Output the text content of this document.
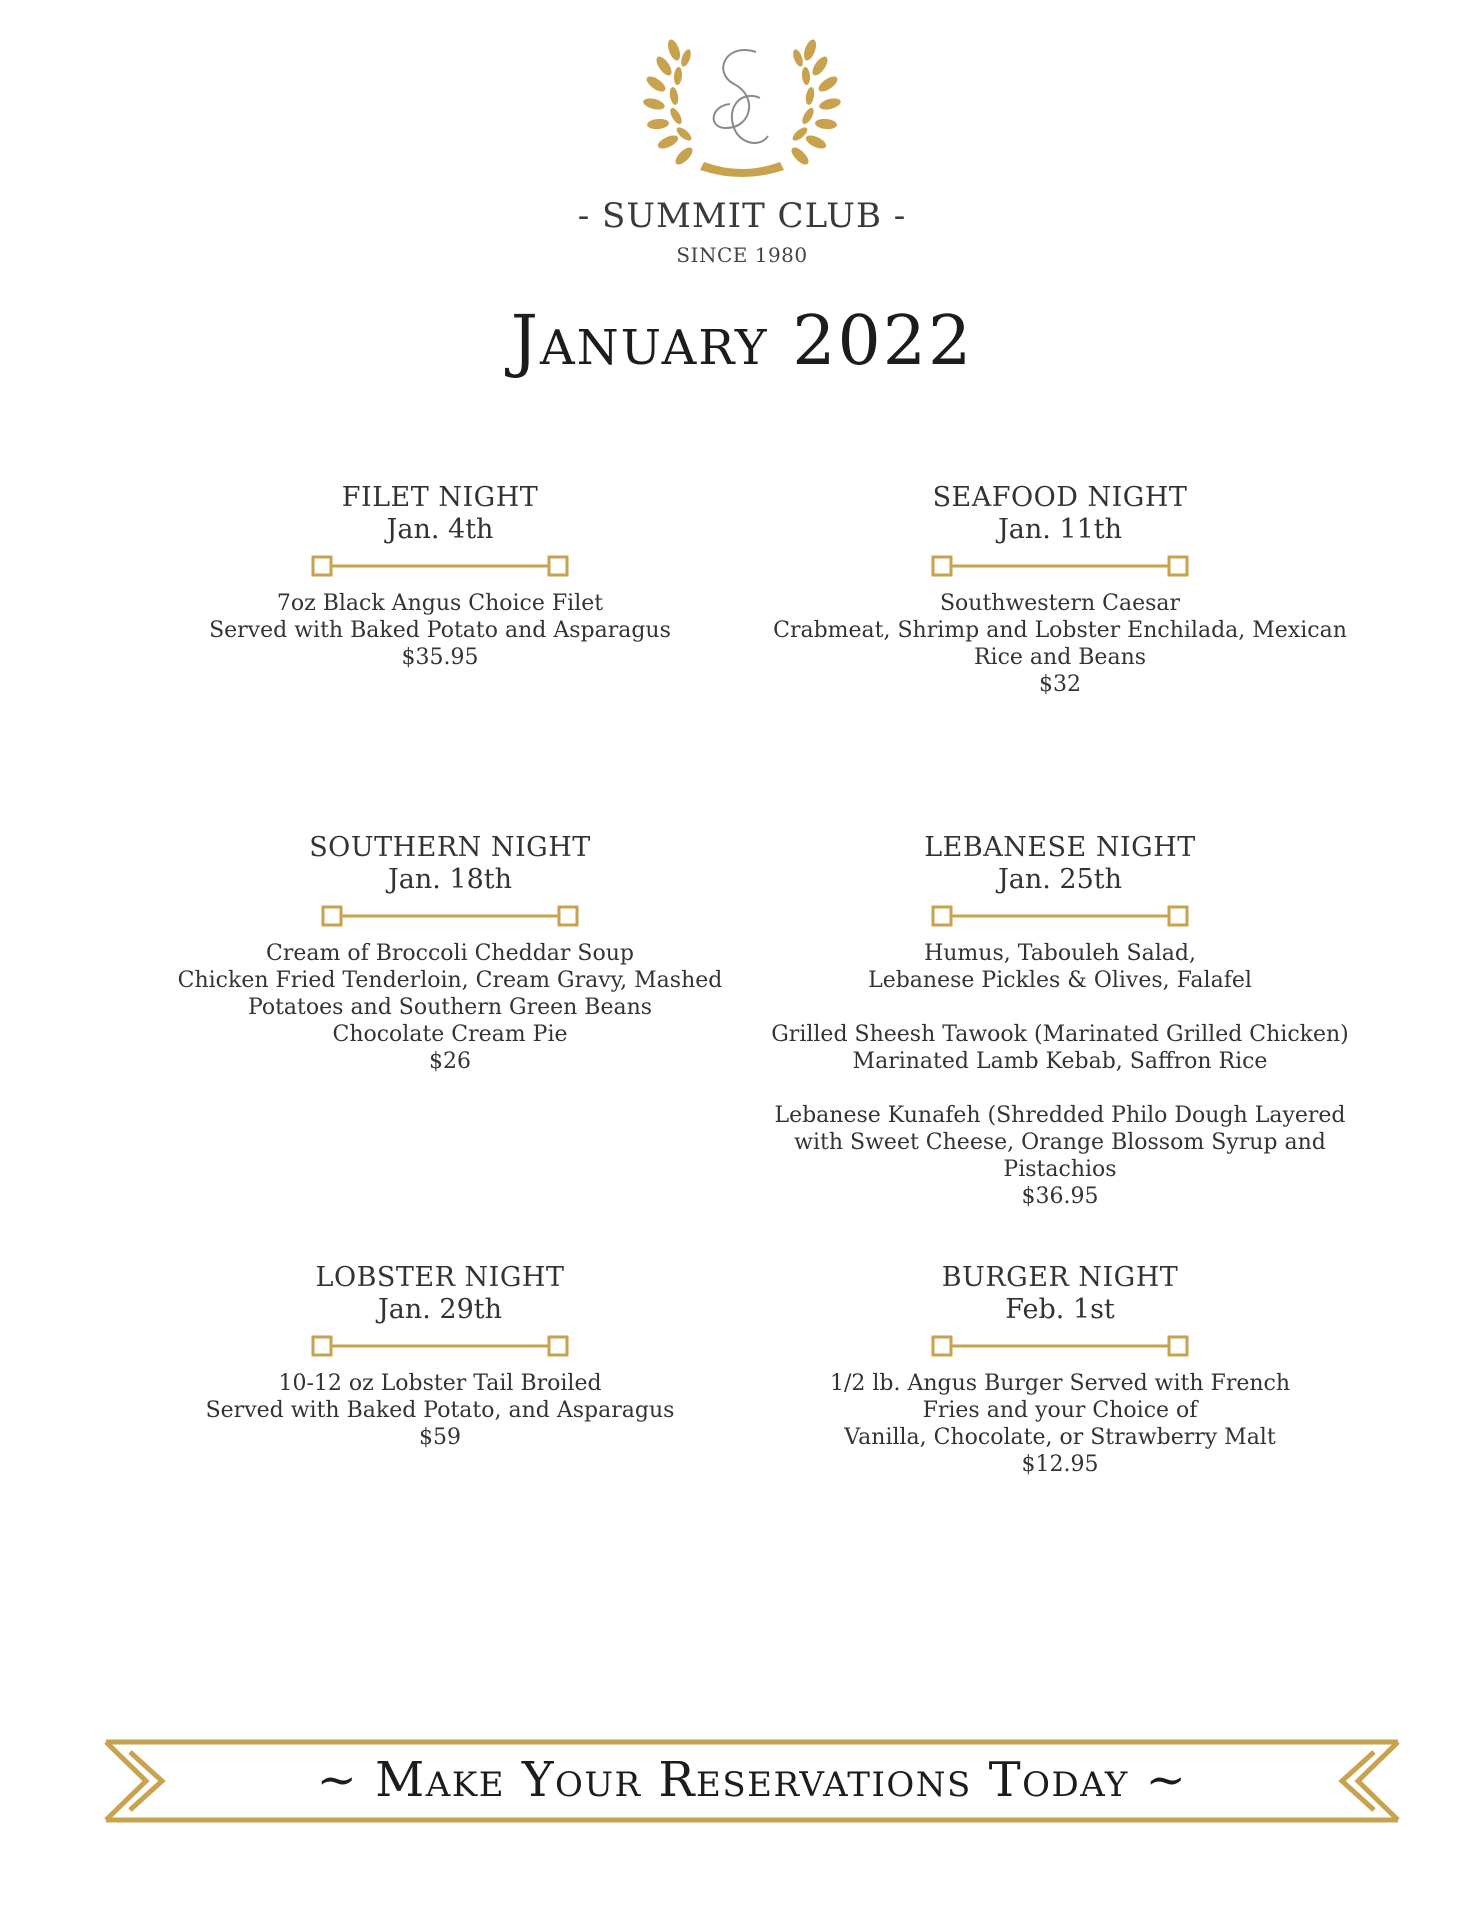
- SUMMIT CLUB -
SINCE 1980
January 2022
FILET NIGHT
Jan. 4th
7oz Black Angus Choice Filet
Served with Baked Potato and Asparagus
$35.95
SEAFOOD NIGHT
Jan. 11th
Southwestern Caesar
Crabmeat, Shrimp and Lobster Enchilada, Mexican
Rice and Beans
$32
SOUTHERN NIGHT
Jan. 18th
Cream of Broccoli Cheddar Soup
Chicken Fried Tenderloin, Cream Gravy, Mashed
Potatoes and Southern Green Beans
Chocolate Cream Pie
$26
LEBANESE NIGHT
Jan. 25th
Humus, Tabouleh Salad,
Lebanese Pickles & Olives, Falafel
Grilled Sheesh Tawook (Marinated Grilled Chicken)
Marinated Lamb Kebab, Saffron Rice
Lebanese Kunafeh (Shredded Philo Dough Layered
with Sweet Cheese, Orange Blossom Syrup and
Pistachios
$36.95
LOBSTER NIGHT
Jan. 29th
10-12 oz Lobster Tail Broiled
Served with Baked Potato, and Asparagus
$59
BURGER NIGHT
Feb. 1st
1/2 lb. Angus Burger Served with French
Fries and your Choice of
Vanilla, Chocolate, or Strawberry Malt
$12.95
~ Make Your Reservations Today ~
